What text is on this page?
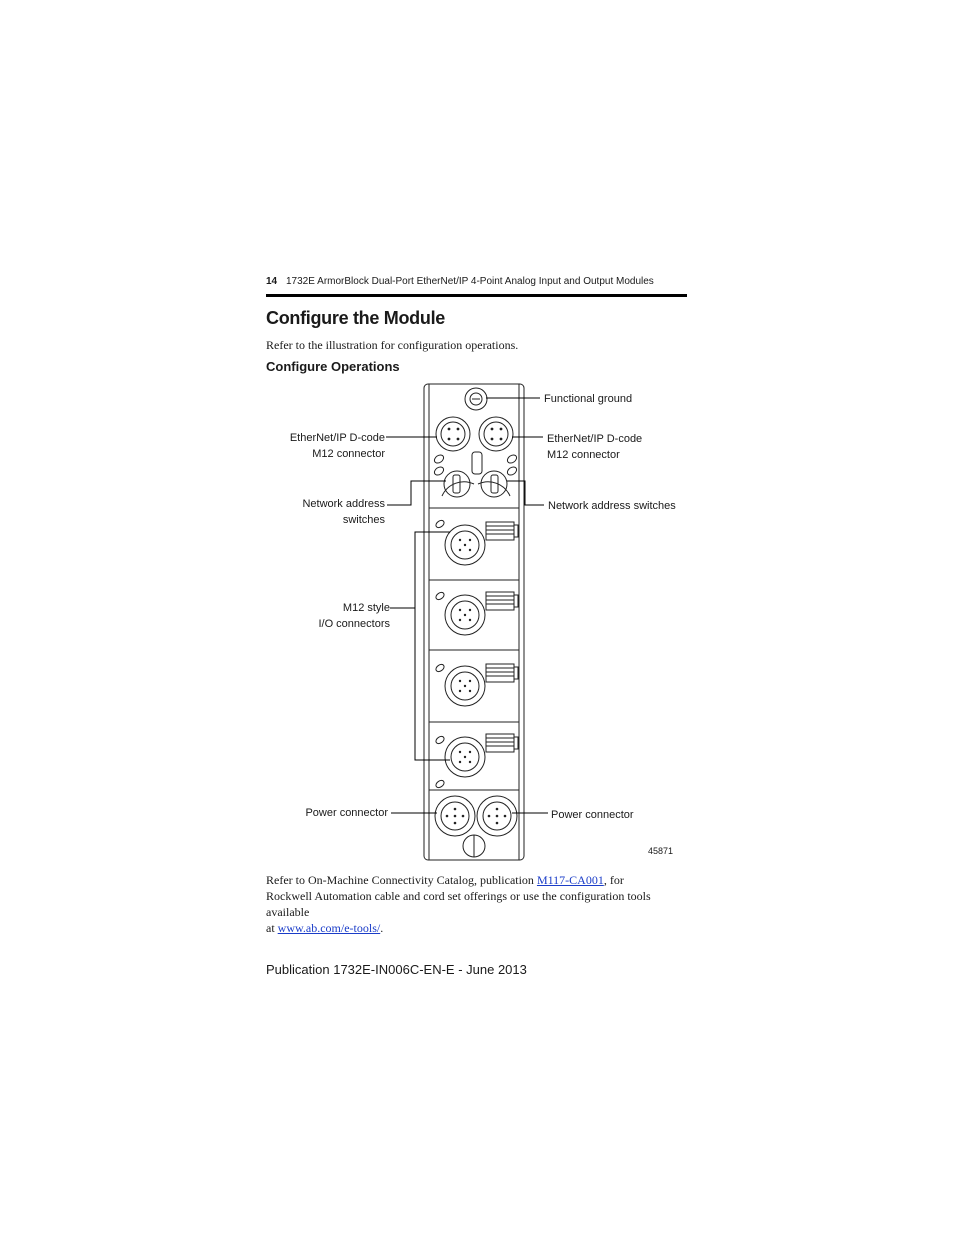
14 1732E ArmorBlock Dual-Port EtherNet/IP 4-Point Analog Input and Output Modules
Configure the Module
Refer to the illustration for configuration operations.
Configure Operations
Functional ground
EtherNet/IP D-code
M12 connector
EtherNet/IP D-code
M12 connector
Network address
switches
Network address switches
M12 style
I/O connectors
Power connector	Power connector
45871
Refer to On-Machine Connectivity Catalog, publication M117-CA001, for
Rockwell Automation cable and cord set offerings or use the configuration tools available
at www.ab.com/e-tools/.
Publication 1732E-IN006C-EN-E - June 2013
